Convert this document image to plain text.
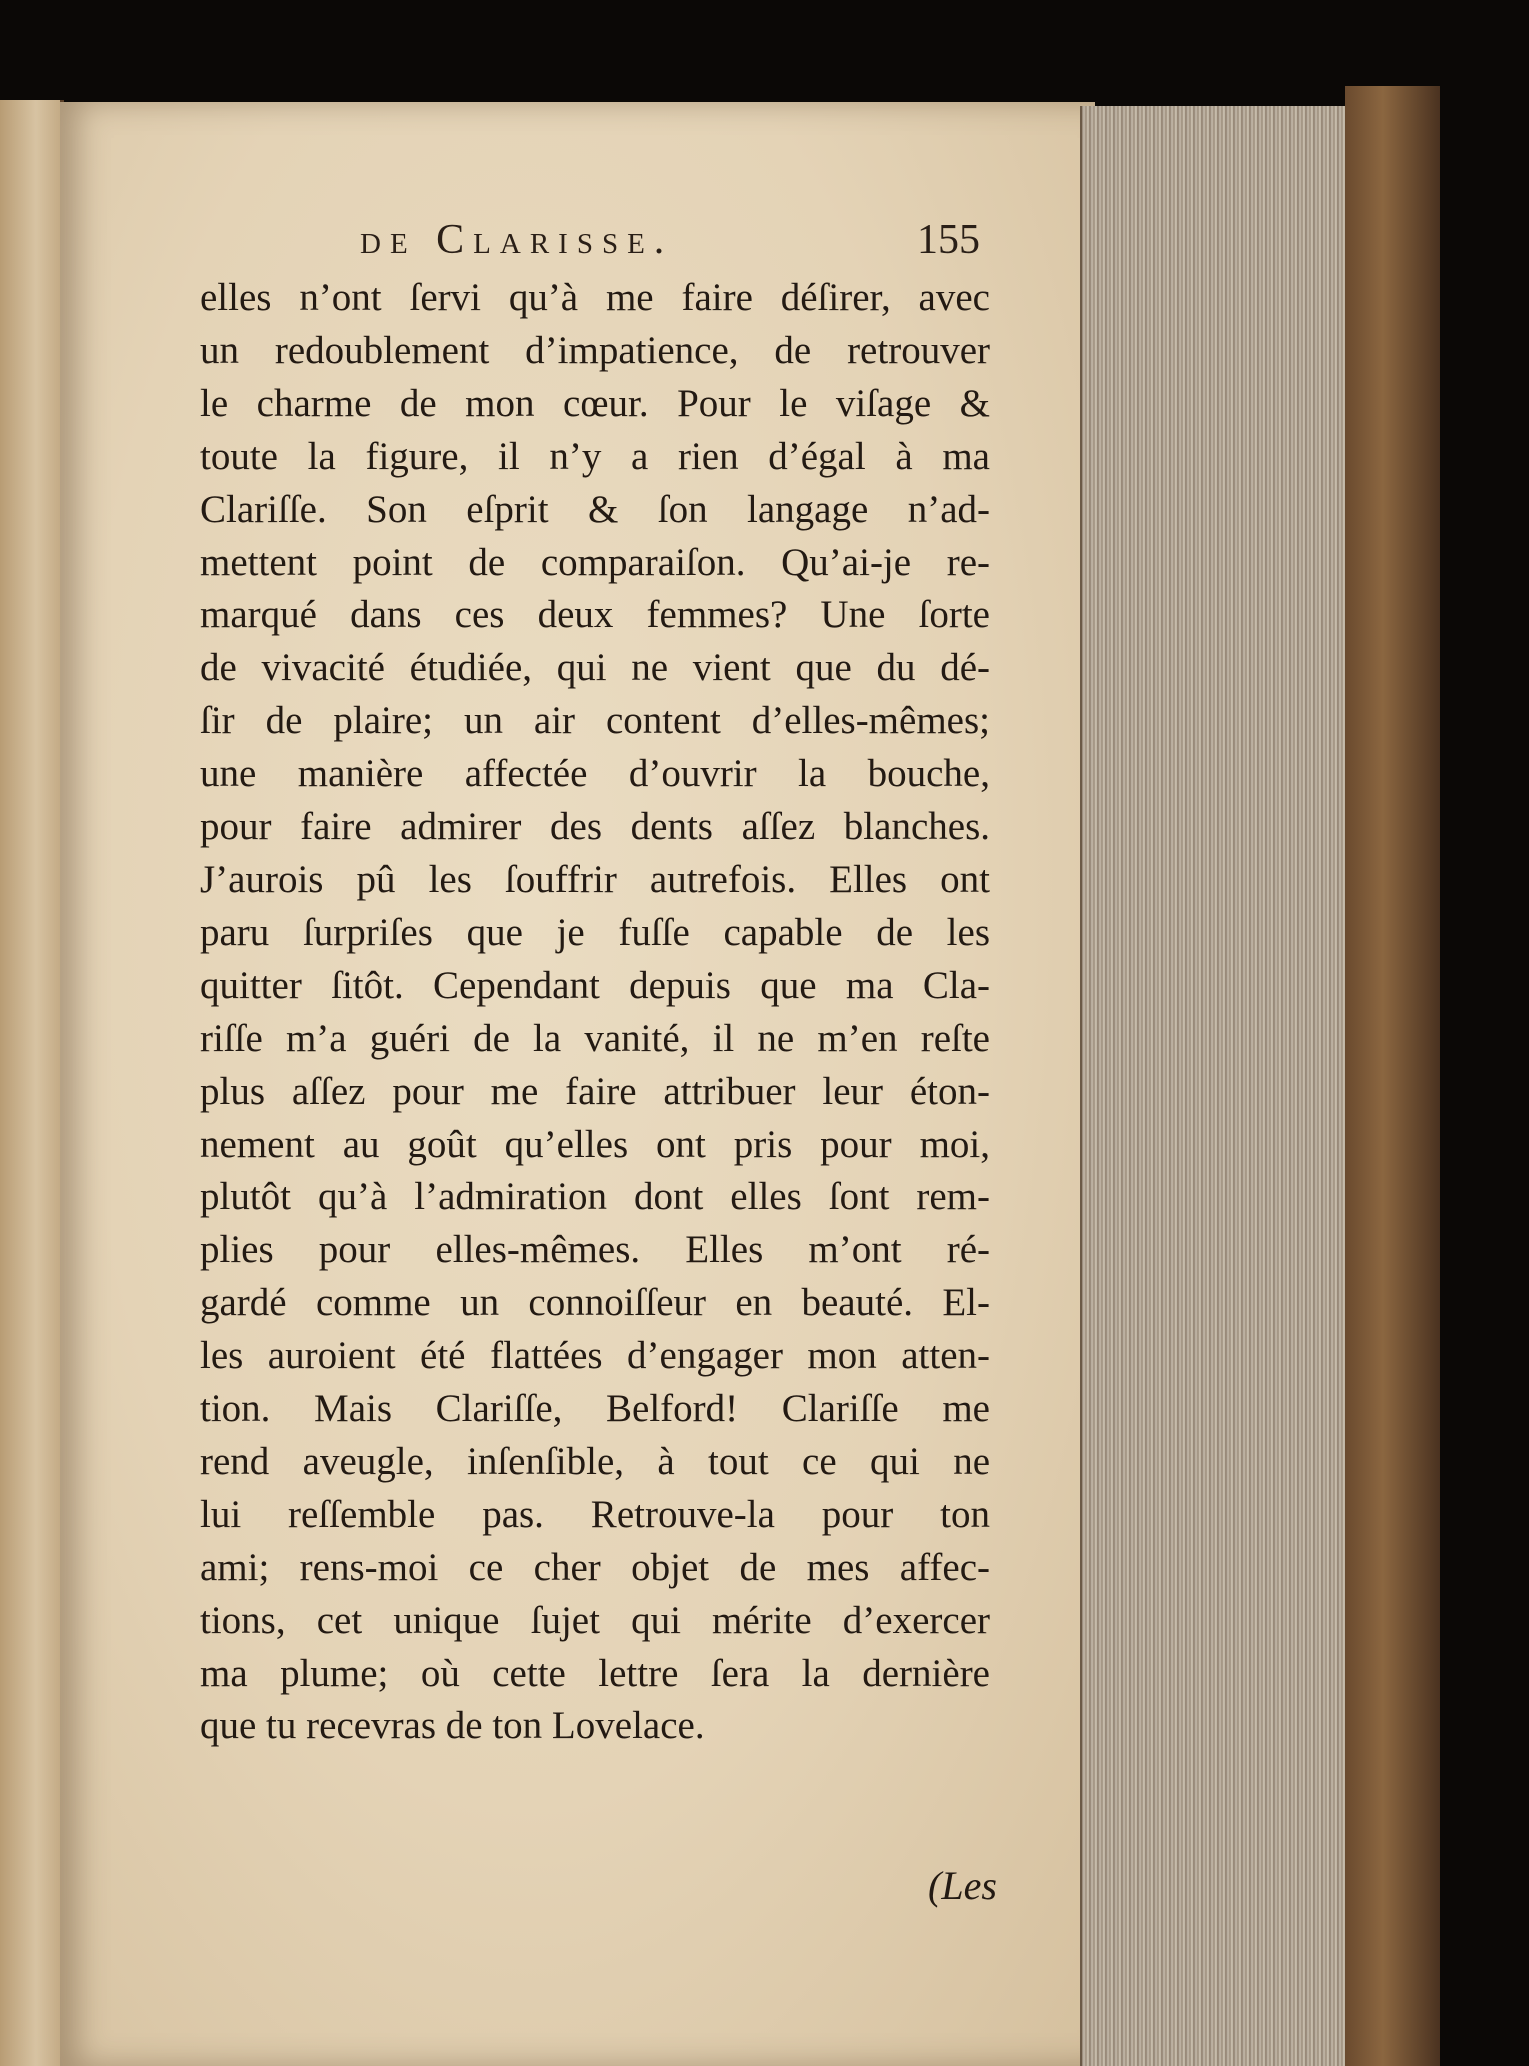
de Clarisse.	155
elles n’ont ſervi qu’à me faire déſirer, avec
un redoublement d’impatience, de retrouver
le charme de mon cœur. Pour le viſage &
toute la figure, il n’y a rien d’égal à ma
Clariſſe. Son eſprit & ſon langage n’ad-
mettent point de comparaiſon. Qu’ai-je re-
marqué dans ces deux femmes? Une ſorte
de vivacité étudiée, qui ne vient que du dé-
ſir de plaire; un air content d’elles-mêmes;
une manière affectée d’ouvrir la bouche,
pour faire admirer des dents aſſez blanches.
J’aurois pû les ſouffrir autrefois. Elles ont
paru ſurpriſes que je fuſſe capable de les
quitter ſitôt. Cependant depuis que ma Cla-
riſſe m’a guéri de la vanité, il ne m’en reſte
plus aſſez pour me faire attribuer leur éton-
nement au goût qu’elles ont pris pour moi,
plutôt qu’à l’admiration dont elles ſont rem-
plies pour elles-mêmes. Elles m’ont ré-
gardé comme un connoiſſeur en beauté. El-
les auroient été flattées d’engager mon atten-
tion. Mais Clariſſe, Belford! Clariſſe me
rend aveugle, inſenſible, à tout ce qui ne
lui reſſemble pas. Retrouve-la pour ton
ami; rens-moi ce cher objet de mes affec-
tions, cet unique ſujet qui mérite d’exercer
ma plume; où cette lettre ſera la dernière
que tu recevras de ton Lovelace.
(Les
